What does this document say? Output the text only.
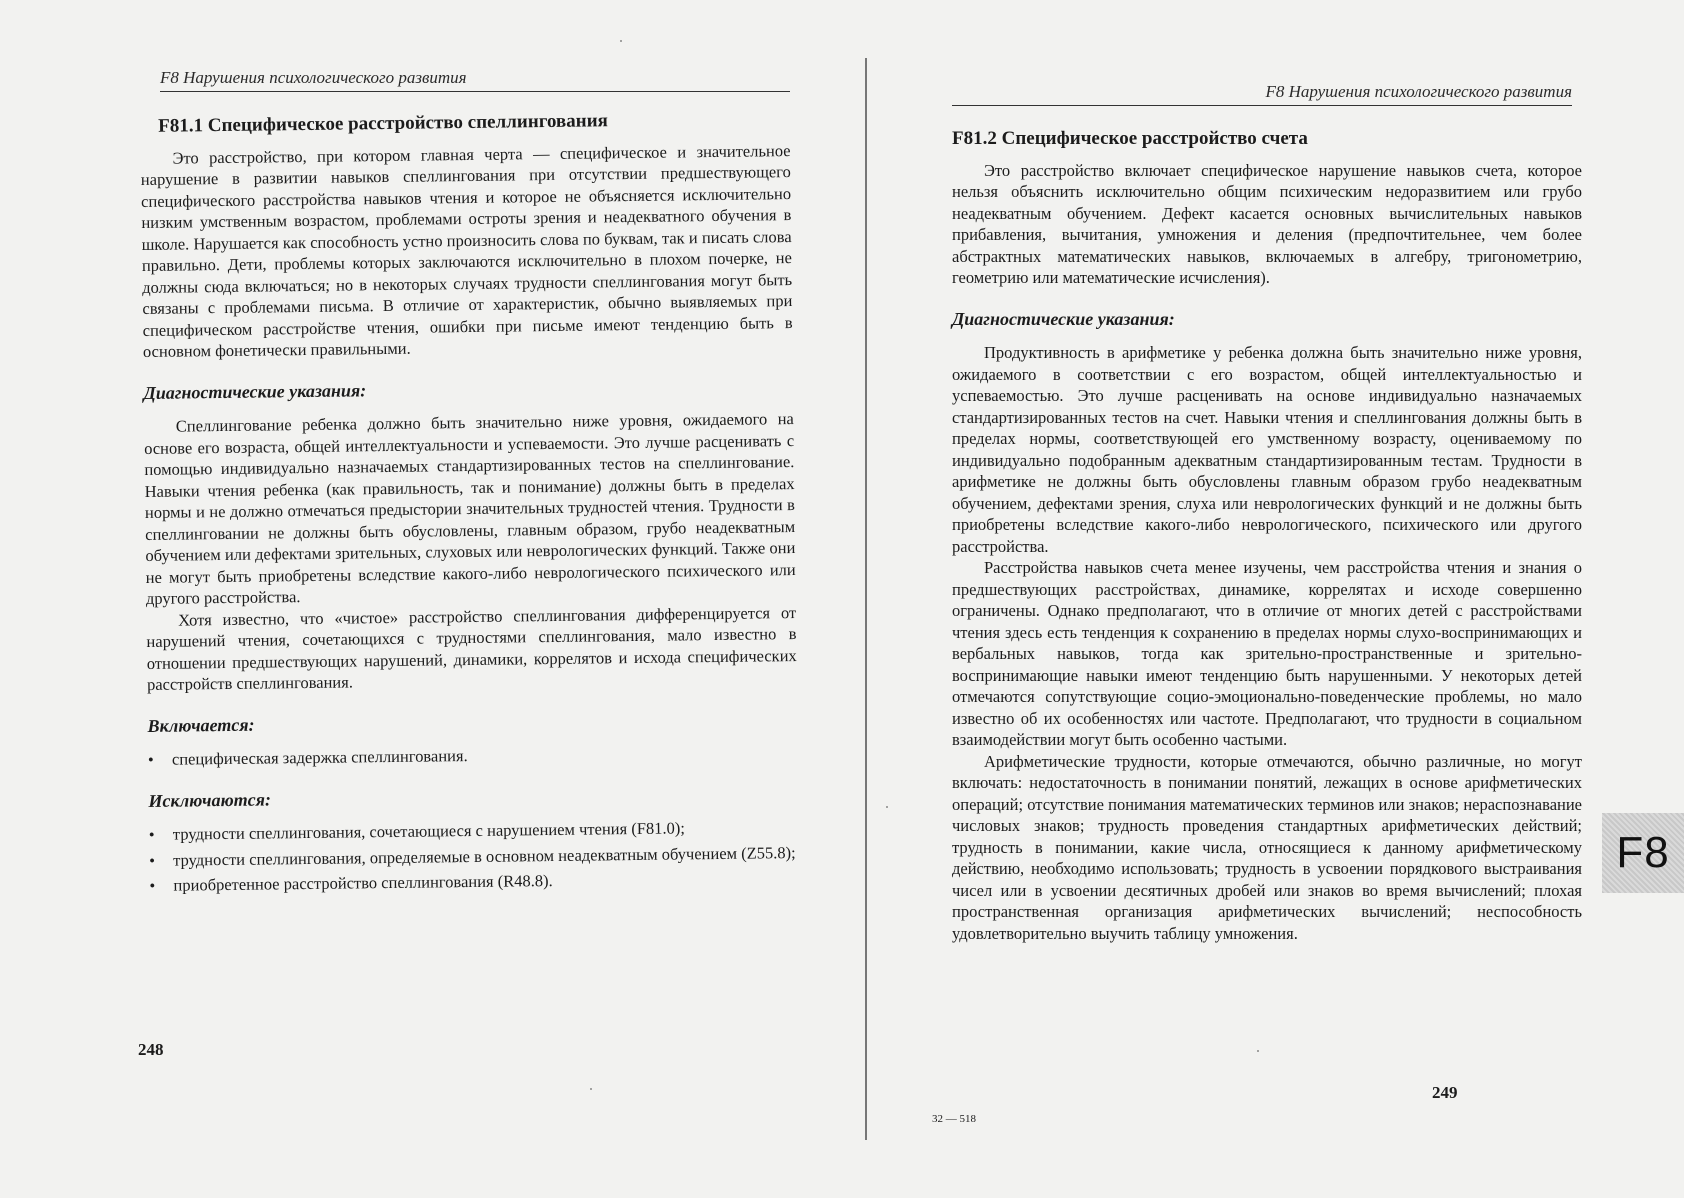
F8 Нарушения психологического развития
F81.1 Специфическое расстройство спеллингования

Это расстройство, при котором главная черта — специфическое и значительное нарушение в развитии навыков спеллингования при отсутствии предшествующего специфического расстройства навыков чтения и которое не объясняется исключительно низким умственным возрастом, проблемами остроты зрения и неадекватного обучения в школе. Нарушается как способность устно произносить слова по буквам, так и писать слова правильно. Дети, проблемы которых заключаются исключительно в плохом почерке, не должны сюда включаться; но в некоторых случаях трудности спеллингования могут быть связаны с проблемами письма. В отличие от характеристик, обычно выявляемых при специфическом расстройстве чтения, ошибки при письме имеют тенденцию быть в основном фонетически правильными.

Диагностические указания:

Спеллингование ребенка должно быть значительно ниже уровня, ожидаемого на основе его возраста, общей интеллектуальности и успеваемости. Это лучше расценивать с помощью индивидуально назначаемых стандартизированных тестов на спеллингование. Навыки чтения ребенка (как правильность, так и понимание) должны быть в пределах нормы и не должно отмечаться предыстории значительных трудностей чтения. Трудности в спеллинговании не должны быть обусловлены, главным образом, грубо неадекватным обучением или дефектами зрительных, слуховых или неврологических функций. Также они не могут быть приобретены вследствие какого-либо неврологического психического или другого расстройства.

Хотя известно, что «чистое» расстройство спеллингования дифференцируется от нарушений чтения, сочетающихся с трудностями спеллингования, мало известно в отношении предшествующих нарушений, динамики, коррелятов и исхода специфических расстройств спеллингования.

Включается:
• специфическая задержка спеллингования.
Исключаются:
• трудности спеллингования, сочетающиеся с нарушением чтения (F81.0);
• трудности спеллингования, определяемые в основном неадекватным обучением (Z55.8);
• приобретенное расстройство спеллингования (R48.8).
248
F8 Нарушения психологического развития
F81.2 Специфическое расстройство счета

Это расстройство включает специфическое нарушение навыков счета, которое нельзя объяснить исключительно общим психическим недоразвитием или грубо неадекватным обучением. Дефект касается основных вычислительных навыков прибавления, вычитания, умножения и деления (предпочтительнее, чем более абстрактных математических навыков, включаемых в алгебру, тригонометрию, геометрию или математические исчисления).

Диагностические указания:

Продуктивность в арифметике у ребенка должна быть значительно ниже уровня, ожидаемого в соответствии с его возрастом, общей интеллектуальностью и успеваемостью. Это лучше расценивать на основе индивидуально назначаемых стандартизированных тестов на счет. Навыки чтения и спеллингования должны быть в пределах нормы, соответствующей его умственному возрасту, оцениваемому по индивидуально подобранным адекватным стандартизированным тестам. Трудности в арифметике не должны быть обусловлены главным образом грубо неадекватным обучением, дефектами зрения, слуха или неврологических функций и не должны быть приобретены вследствие какого-либо неврологического, психического или другого расстройства.

Расстройства навыков счета менее изучены, чем расстройства чтения и знания о предшествующих расстройствах, динамике, коррелятах и исходе совершенно ограничены. Однако предполагают, что в отличие от многих детей с расстройствами чтения здесь есть тенденция к сохранению в пределах нормы слухо-воспринимающих и вербальных навыков, тогда как зрительно-пространственные и зрительно-воспринимающие навыки имеют тенденцию быть нарушенными. У некоторых детей отмечаются сопутствующие социо-эмоционально-поведенческие проблемы, но мало известно об их особенностях или частоте. Предполагают, что трудности в социальном взаимодействии могут быть особенно частыми.

Арифметические трудности, которые отмечаются, обычно различные, но могут включать: недостаточность в понимании понятий, лежащих в основе арифметических операций; отсутствие понимания математических терминов или знаков; нераспознавание числовых знаков; трудность проведения стандартных арифметических действий; трудность в понимании, какие числа, относящиеся к данному арифметическому действию, необходимо использовать; трудность в усвоении порядкового выстраивания чисел или в усвоении десятичных дробей или знаков во время вычислений; плохая пространственная организация арифметических вычислений; неспособность удовлетворительно выучить таблицу умножения.

249
32 — 518
F8
